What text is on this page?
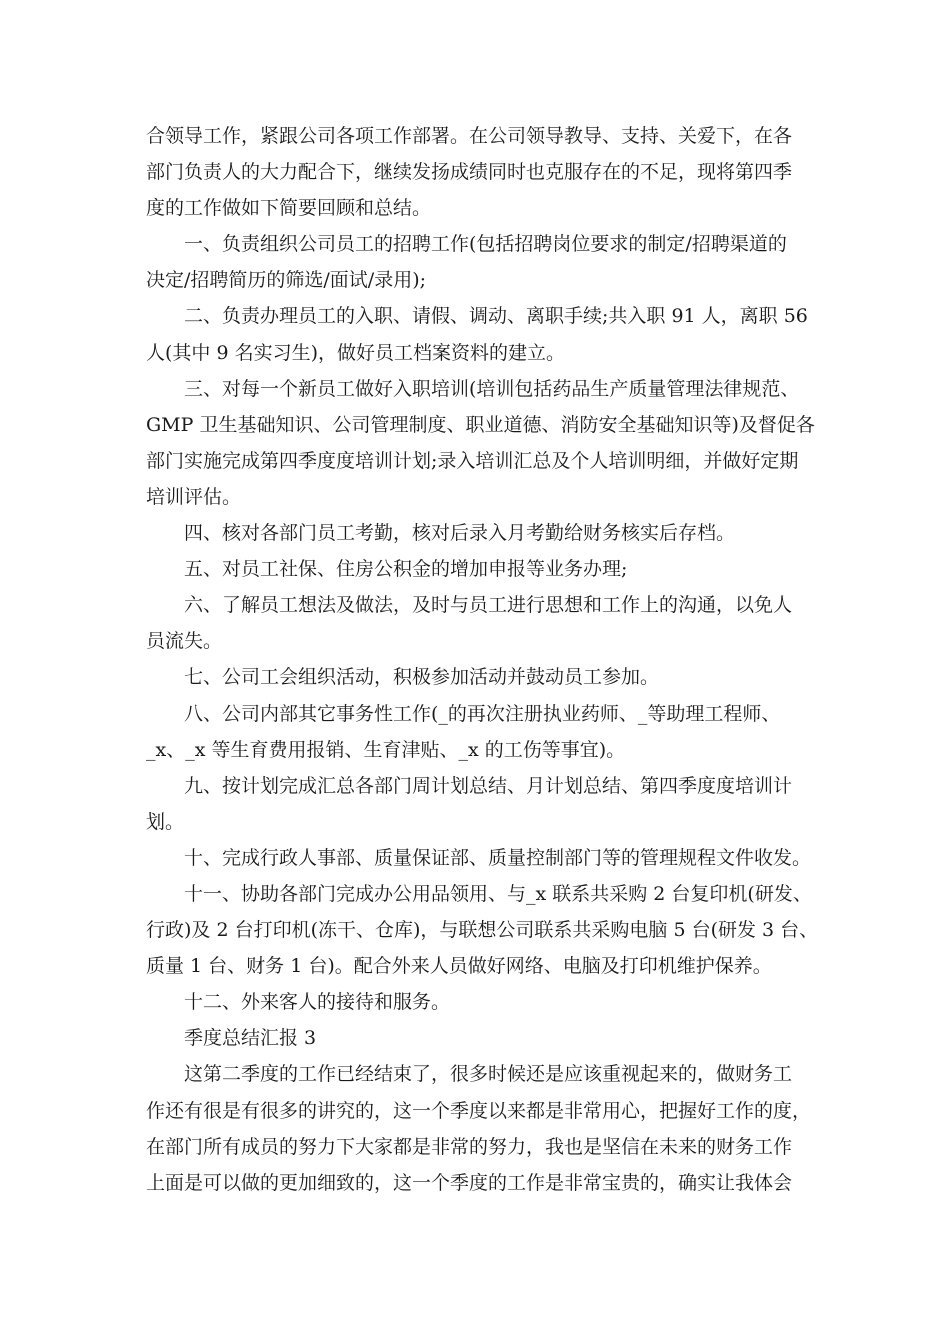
合领导工作，紧跟公司各项工作部署。在公司领导教导、支持、关爱下，在各
部门负责人的大力配合下，继续发扬成绩同时也克服存在的不足，现将第四季
度的工作做如下简要回顾和总结。
一、负责组织公司员工的招聘工作(包括招聘岗位要求的制定/招聘渠道的
决定/招聘简历的筛选/面试/录用);
二、负责办理员工的入职、请假、调动、离职手续;共入职 91 人，离职 56
人(其中 9 名实习生)，做好员工档案资料的建立。
三、对每一个新员工做好入职培训(培训包括药品生产质量管理法律规范、
GMP 卫生基础知识、公司管理制度、职业道德、消防安全基础知识等)及督促各
部门实施完成第四季度度培训计划;录入培训汇总及个人培训明细，并做好定期
培训评估。
四、核对各部门员工考勤，核对后录入月考勤给财务核实后存档。
五、对员工社保、住房公积金的增加申报等业务办理;
六、了解员工想法及做法，及时与员工进行思想和工作上的沟通，以免人
员流失。
七、公司工会组织活动，积极参加活动并鼓动员工参加。
八、公司内部其它事务性工作(_的再次注册执业药师、_等助理工程师、
_x、_x 等生育费用报销、生育津贴、_x 的工伤等事宜)。
九、按计划完成汇总各部门周计划总结、月计划总结、第四季度度培训计
划。
十、完成行政人事部、质量保证部、质量控制部门等的管理规程文件收发。
十一、协助各部门完成办公用品领用、与_x 联系共采购 2 台复印机(研发、
行政)及 2 台打印机(冻干、仓库)，与联想公司联系共采购电脑 5 台(研发 3 台、
质量 1 台、财务 1 台)。配合外来人员做好网络、电脑及打印机维护保养。
十二、外来客人的接待和服务。
季度总结汇报 3
这第二季度的工作已经结束了，很多时候还是应该重视起来的，做财务工
作还有很是有很多的讲究的，这一个季度以来都是非常用心，把握好工作的度，
在部门所有成员的努力下大家都是非常的努力，我也是坚信在未来的财务工作
上面是可以做的更加细致的，这一个季度的工作是非常宝贵的，确实让我体会
